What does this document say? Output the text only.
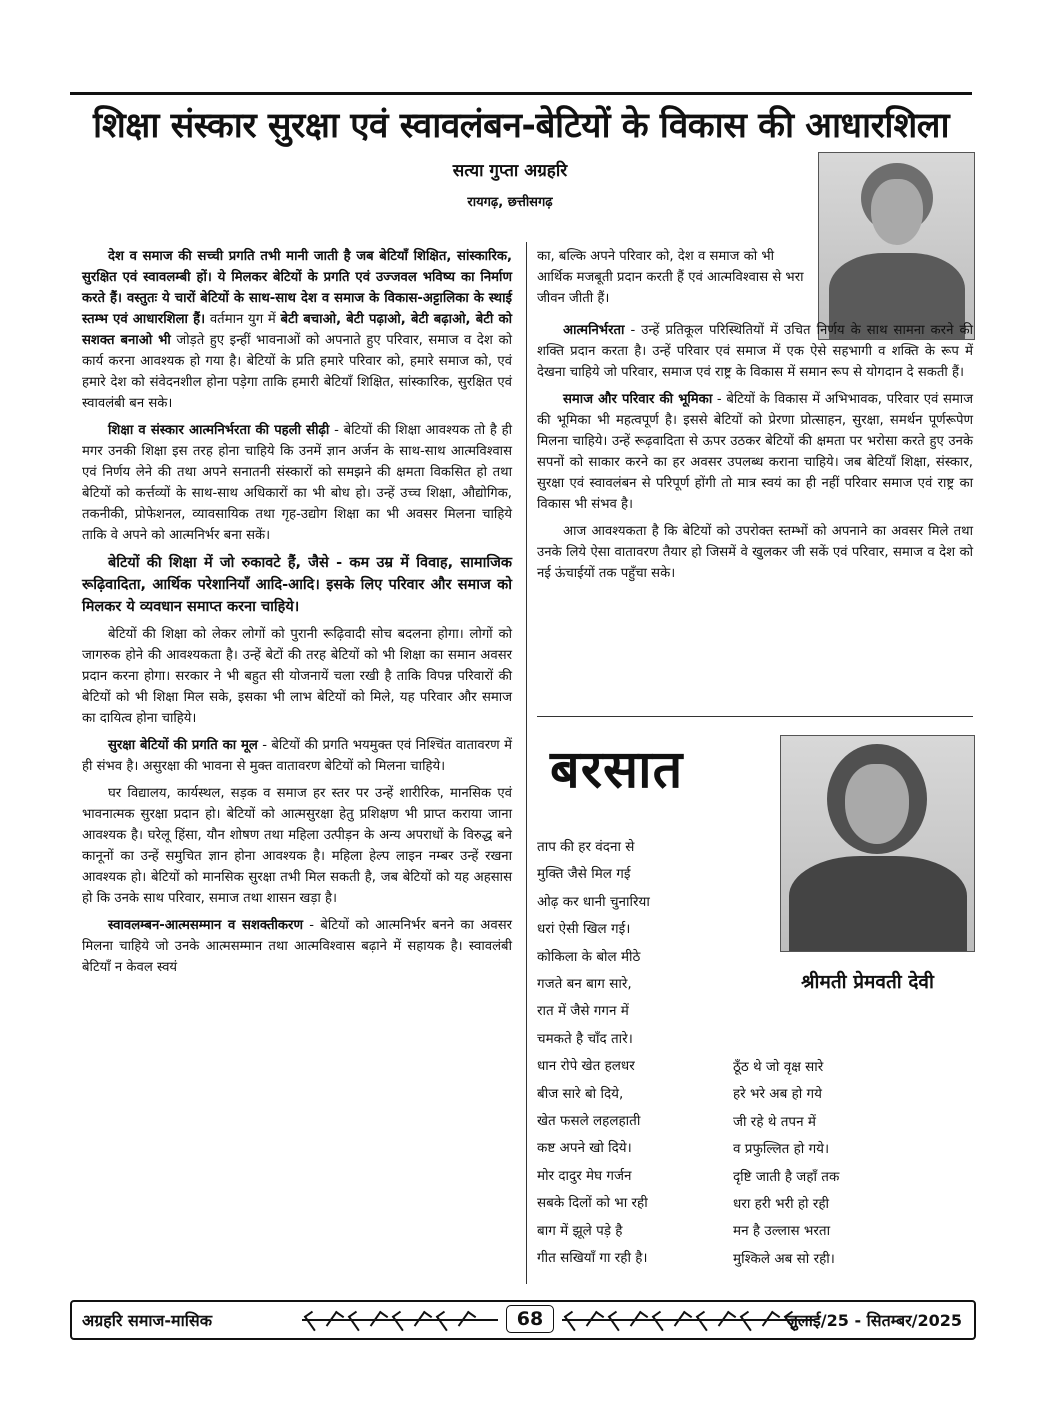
शिक्षा संस्कार सुरक्षा एवं स्वावलंबन-बेटियों के विकास की आधारशिला
सत्या गुप्ता अग्रहरि
रायगढ़, छत्तीसगढ़

देश व समाज की सच्ची प्रगति तभी मानी जाती है जब बेटियाँ शिक्षित, सांस्कारिक, सुरक्षित एवं स्वावलम्बी हों। ये मिलकर बेटियों के प्रगति एवं उज्जवल भविष्य का निर्माण करते हैं। वस्तुतः ये चारों बेटियों के साथ-साथ देश व समाज के विकास-अट्टालिका के स्थाई स्तम्भ एवं आधारशिला हैं। वर्तमान युग में बेटी बचाओ, बेटी पढ़ाओ, बेटी बढ़ाओ, बेटी को सशक्त बनाओ भी जोड़ते हुए इन्हीं भावनाओं को अपनाते हुए परिवार, समाज व देश को कार्य करना आवश्यक हो गया है। बेटियों के प्रति हमारे परिवार को, हमारे समाज को, एवं हमारे देश को संवेदनशील होना पड़ेगा ताकि हमारी बेटियाँ शिक्षित, सांस्कारिक, सुरक्षित एवं स्वावलंबी बन सके।

शिक्षा व संस्कार आत्मनिर्भरता की पहली सीढ़ी - बेटियों की शिक्षा आवश्यक तो है ही मगर उनकी शिक्षा इस तरह होना चाहिये कि उनमें ज्ञान अर्जन के साथ-साथ आत्मविश्वास एवं निर्णय लेने की तथा अपने सनातनी संस्कारों को समझने की क्षमता विकसित हो तथा बेटियों को कर्त्तव्यों के साथ-साथ अधिकारों का भी बोध हो। उन्हें उच्च शिक्षा, औद्योगिक, तकनीकी, प्रोफेशनल, व्यावसायिक तथा गृह-उद्योग शिक्षा का भी अवसर मिलना चाहिये ताकि वे अपने को आत्मनिर्भर बना सकें।

बेटियों की शिक्षा में जो रुकावटे हैं, जैसे - कम उम्र में विवाह, सामाजिक रूढ़िवादिता, आर्थिक परेशानियाँ आदि-आदि। इसके लिए परिवार और समाज को मिलकर ये व्यवधान समाप्त करना चाहिये।

बेटियों की शिक्षा को लेकर लोगों को पुरानी रूढ़िवादी सोच बदलना होगा। लोगों को जागरुक होने की आवश्यकता है। उन्हें बेटों की तरह बेटियों को भी शिक्षा का समान अवसर प्रदान करना होगा। सरकार ने भी बहुत सी योजनायें चला रखी है ताकि विपन्न परिवारों की बेटियों को भी शिक्षा मिल सके, इसका भी लाभ बेटियों को मिले, यह परिवार और समाज का दायित्व होना चाहिये।

सुरक्षा बेटियों की प्रगति का मूल - बेटियों की प्रगति भयमुक्त एवं निश्चिंत वातावरण में ही संभव है। असुरक्षा की भावना से मुक्त वातावरण बेटियों को मिलना चाहिये।

घर विद्यालय, कार्यस्थल, सड़क व समाज हर स्तर पर उन्हें शारीरिक, मानसिक एवं भावनात्मक सुरक्षा प्रदान हो। बेटियों को आत्मसुरक्षा हेतु प्रशिक्षण भी प्राप्त कराया जाना आवश्यक है। घरेलू हिंसा, यौन शोषण तथा महिला उत्पीड़न के अन्य अपराधों के विरुद्ध बने कानूनों का उन्हें समुचित ज्ञान होना आवश्यक है। महिला हेल्प लाइन नम्बर उन्हें रखना आवश्यक हो। बेटियों को मानसिक सुरक्षा तभी मिल सकती है, जब बेटियों को यह अहसास हो कि उनके साथ परिवार, समाज तथा शासन खड़ा है।

स्वावलम्बन-आत्मसम्मान व सशक्तीकरण - बेटियों को आत्मनिर्भर बनने का अवसर मिलना चाहिये जो उनके आत्मसम्मान तथा आत्मविश्वास बढ़ाने में सहायक है। स्वावलंबी बेटियाँ न केवल स्वयं

का, बल्कि अपने परिवार को, देश व समाज को भी आर्थिक मजबूती प्रदान करती हैं एवं आत्मविश्वास से भरा जीवन जीती हैं।

आत्मनिर्भरता - उन्हें प्रतिकूल परिस्थितियों में उचित निर्णय के साथ सामना करने की शक्ति प्रदान करता है। उन्हें परिवार एवं समाज में एक ऐसे सहभागी व शक्ति के रूप में देखना चाहिये जो परिवार, समाज एवं राष्ट्र के विकास में समान रूप से योगदान दे सकती हैं।

समाज और परिवार की भूमिका - बेटियों के विकास में अभिभावक, परिवार एवं समाज की भूमिका भी महत्वपूर्ण है। इससे बेटियों को प्रेरणा प्रोत्साहन, सुरक्षा, समर्थन पूर्णरूपेण मिलना चाहिये। उन्हें रूढ़वादिता से ऊपर उठकर बेटियों की क्षमता पर भरोसा करते हुए उनके सपनों को साकार करने का हर अवसर उपलब्ध कराना चाहिये। जब बेटियाँ शिक्षा, संस्कार, सुरक्षा एवं स्वावलंबन से परिपूर्ण होंगी तो मात्र स्वयं का ही नहीं परिवार समाज एवं राष्ट्र का विकास भी संभव है।

आज आवश्यकता है कि बेटियों को उपरोक्त स्तम्भों को अपनाने का अवसर मिले तथा उनके लिये ऐसा वातावरण तैयार हो जिसमें वे खुलकर जी सकें एवं परिवार, समाज व देश को नई ऊंचाईयों तक पहुँचा सके।

बरसात
श्रीमती प्रेमवती देवी
ताप की हर वंदना से
मुक्ति जैसे मिल गई
ओढ़ कर धानी चुनारिया
धरां ऐसी खिल गई।
कोकिला के बोल मीठे
गजते बन बाग सारे,
रात में जैसे गगन में
चमकते है चाँद तारे।
धान रोपे खेत हलधर
बीज सारे बो दिये,
खेत फसले लहलहाती
कष्ट अपने खो दिये।
मोर दादुर मेघ गर्जन
सबके दिलों को भा रही
बाग में झूले पड़े है
गीत सखियाँ गा रही है।
ठूँठ थे जो वृक्ष सारे
हरे भरे अब हो गये
जी रहे थे तपन में
व प्रफुल्लित हो गये।
दृष्टि जाती है जहाँ तक
धरा हरी भरी हो रही
मन है उल्लास भरता
मुश्किले अब सो रही।
अग्रहरि समाज-मासिक	68	जुलाई/25 - सितम्बर/2025
